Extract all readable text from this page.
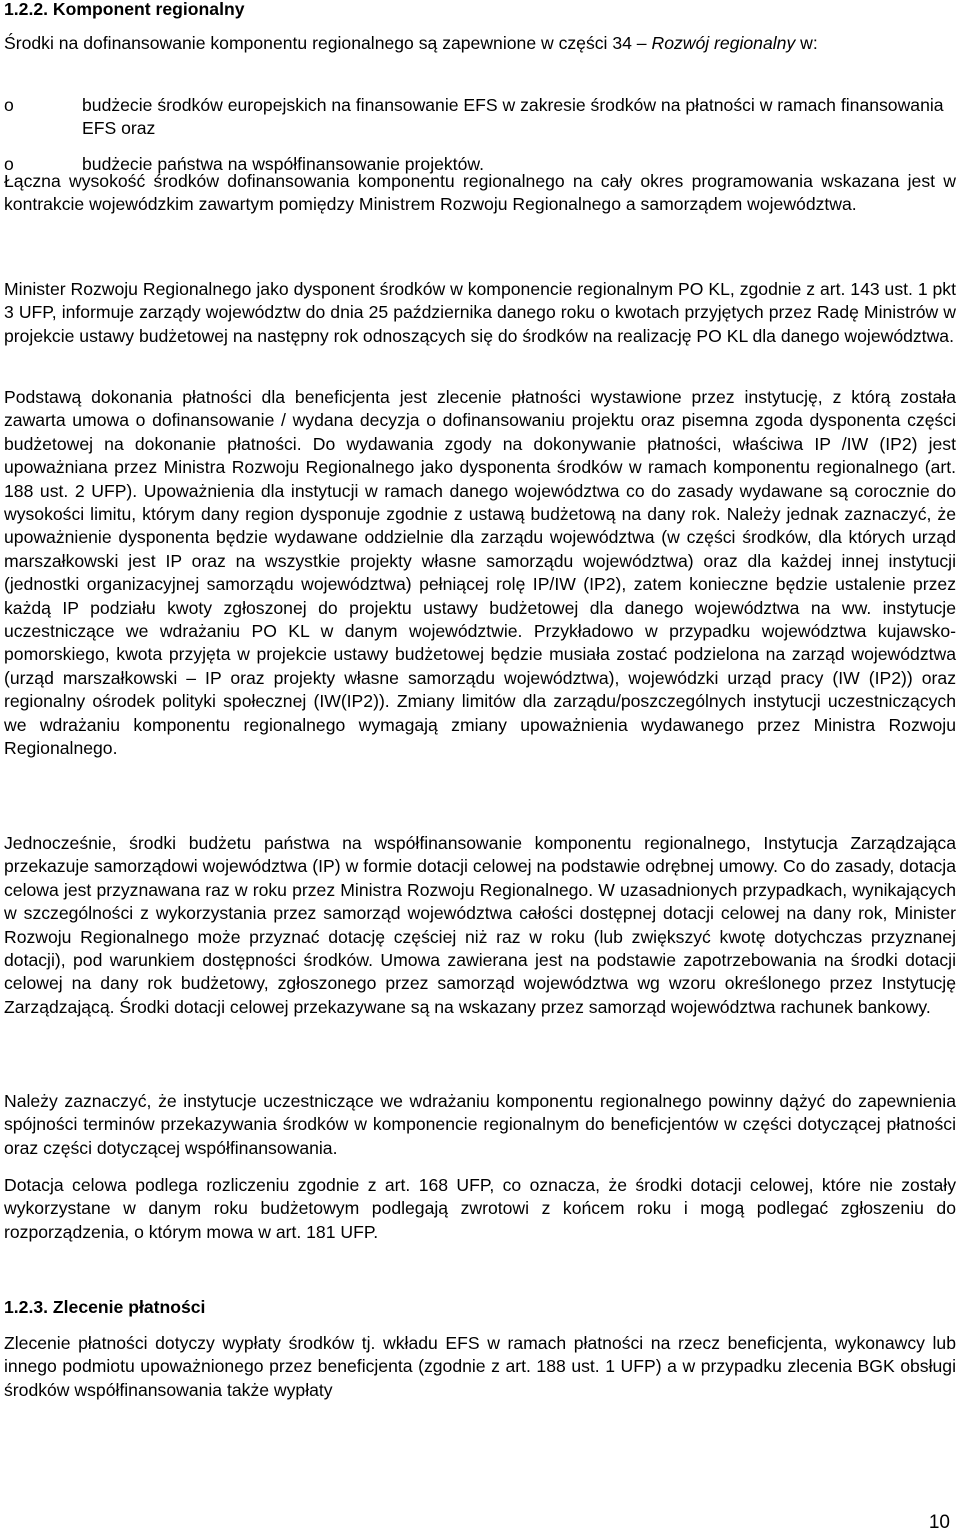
1.2.2. Komponent regionalny
Środki na dofinansowanie komponentu regionalnego są zapewnione w części 34 – Rozwój regionalny w:
o	budżecie środków europejskich na finansowanie EFS w zakresie środków na płatności w ramach finansowania EFS oraz
o	budżecie państwa na współfinansowanie projektów.

Łączna wysokość środków dofinansowania komponentu regionalnego na cały okres programowania wskazana jest w kontrakcie wojewódzkim zawartym pomiędzy Ministrem Rozwoju Regionalnego a samorządem województwa.

Minister Rozwoju Regionalnego jako dysponent środków w komponencie regionalnym PO KL, zgodnie z art. 143 ust. 1 pkt 3 UFP, informuje zarządy województw do dnia 25 października danego roku o kwotach przyjętych przez Radę Ministrów w projekcie ustawy budżetowej na następny rok odnoszących się do środków na realizację PO KL dla danego województwa.

Podstawą dokonania płatności dla beneficjenta jest zlecenie płatności wystawione przez instytucję, z którą została zawarta umowa o dofinansowanie / wydana decyzja o dofinansowaniu projektu oraz pisemna zgoda dysponenta części budżetowej na dokonanie płatności. Do wydawania zgody na dokonywanie płatności, właściwa IP /IW (IP2) jest upoważniana przez Ministra Rozwoju Regionalnego jako dysponenta środków w ramach komponentu regionalnego (art. 188 ust. 2 UFP). Upoważnienia dla instytucji w ramach danego województwa co do zasady wydawane są corocznie do wysokości limitu, którym dany region dysponuje zgodnie z ustawą budżetową na dany rok. Należy jednak zaznaczyć, że upoważnienie dysponenta będzie wydawane oddzielnie dla zarządu województwa (w części środków, dla których urząd marszałkowski jest IP oraz na wszystkie projekty własne samorządu województwa) oraz dla każdej innej instytucji (jednostki organizacyjnej samorządu województwa) pełniącej rolę IP/IW (IP2), zatem konieczne będzie ustalenie przez każdą IP podziału kwoty zgłoszonej do projektu ustawy budżetowej dla danego województwa na ww. instytucje uczestniczące we wdrażaniu PO KL w danym województwie. Przykładowo w przypadku województwa kujawsko-pomorskiego, kwota przyjęta w projekcie ustawy budżetowej będzie musiała zostać podzielona na zarząd województwa (urząd marszałkowski – IP oraz projekty własne samorządu województwa), wojewódzki urząd pracy (IW (IP2)) oraz regionalny ośrodek polityki społecznej (IW(IP2)). Zmiany limitów dla zarządu/poszczególnych instytucji uczestniczących we wdrażaniu komponentu regionalnego wymagają zmiany upoważnienia wydawanego przez Ministra Rozwoju Regionalnego.

Jednocześnie, środki budżetu państwa na współfinansowanie komponentu regionalnego, Instytucja Zarządzająca przekazuje samorządowi województwa (IP) w formie dotacji celowej na podstawie odrębnej umowy. Co do zasady, dotacja celowa jest przyznawana raz w roku przez Ministra Rozwoju Regionalnego. W uzasadnionych przypadkach, wynikających w szczególności z wykorzystania przez samorząd województwa całości dostępnej dotacji celowej na dany rok, Minister Rozwoju Regionalnego może przyznać dotację częściej niż raz w roku (lub zwiększyć kwotę dotychczas przyznanej dotacji), pod warunkiem dostępności środków. Umowa zawierana jest na podstawie zapotrzebowania na środki dotacji celowej na dany rok budżetowy, zgłoszonego przez samorząd województwa wg wzoru określonego przez Instytucję Zarządzającą. Środki dotacji celowej przekazywane są na wskazany przez samorząd województwa rachunek bankowy.

Należy zaznaczyć, że instytucje uczestniczące we wdrażaniu komponentu regionalnego powinny dążyć do zapewnienia spójności terminów przekazywania środków w komponencie regionalnym do beneficjentów w części dotyczącej płatności oraz części dotyczącej współfinansowania.

Dotacja celowa podlega rozliczeniu zgodnie z art. 168 UFP, co oznacza, że środki dotacji celowej, które nie zostały wykorzystane w danym roku budżetowym podlegają zwrotowi z końcem roku i mogą podlegać zgłoszeniu do rozporządzenia, o którym mowa w art. 181 UFP.

1.2.3. Zlecenie płatności

Zlecenie płatności dotyczy wypłaty środków tj. wkładu EFS w ramach płatności na rzecz beneficjenta, wykonawcy lub innego podmiotu upoważnionego przez beneficjenta (zgodnie z art. 188 ust. 1 UFP) a w przypadku zlecenia BGK obsługi środków współfinansowania także wypłaty

10
